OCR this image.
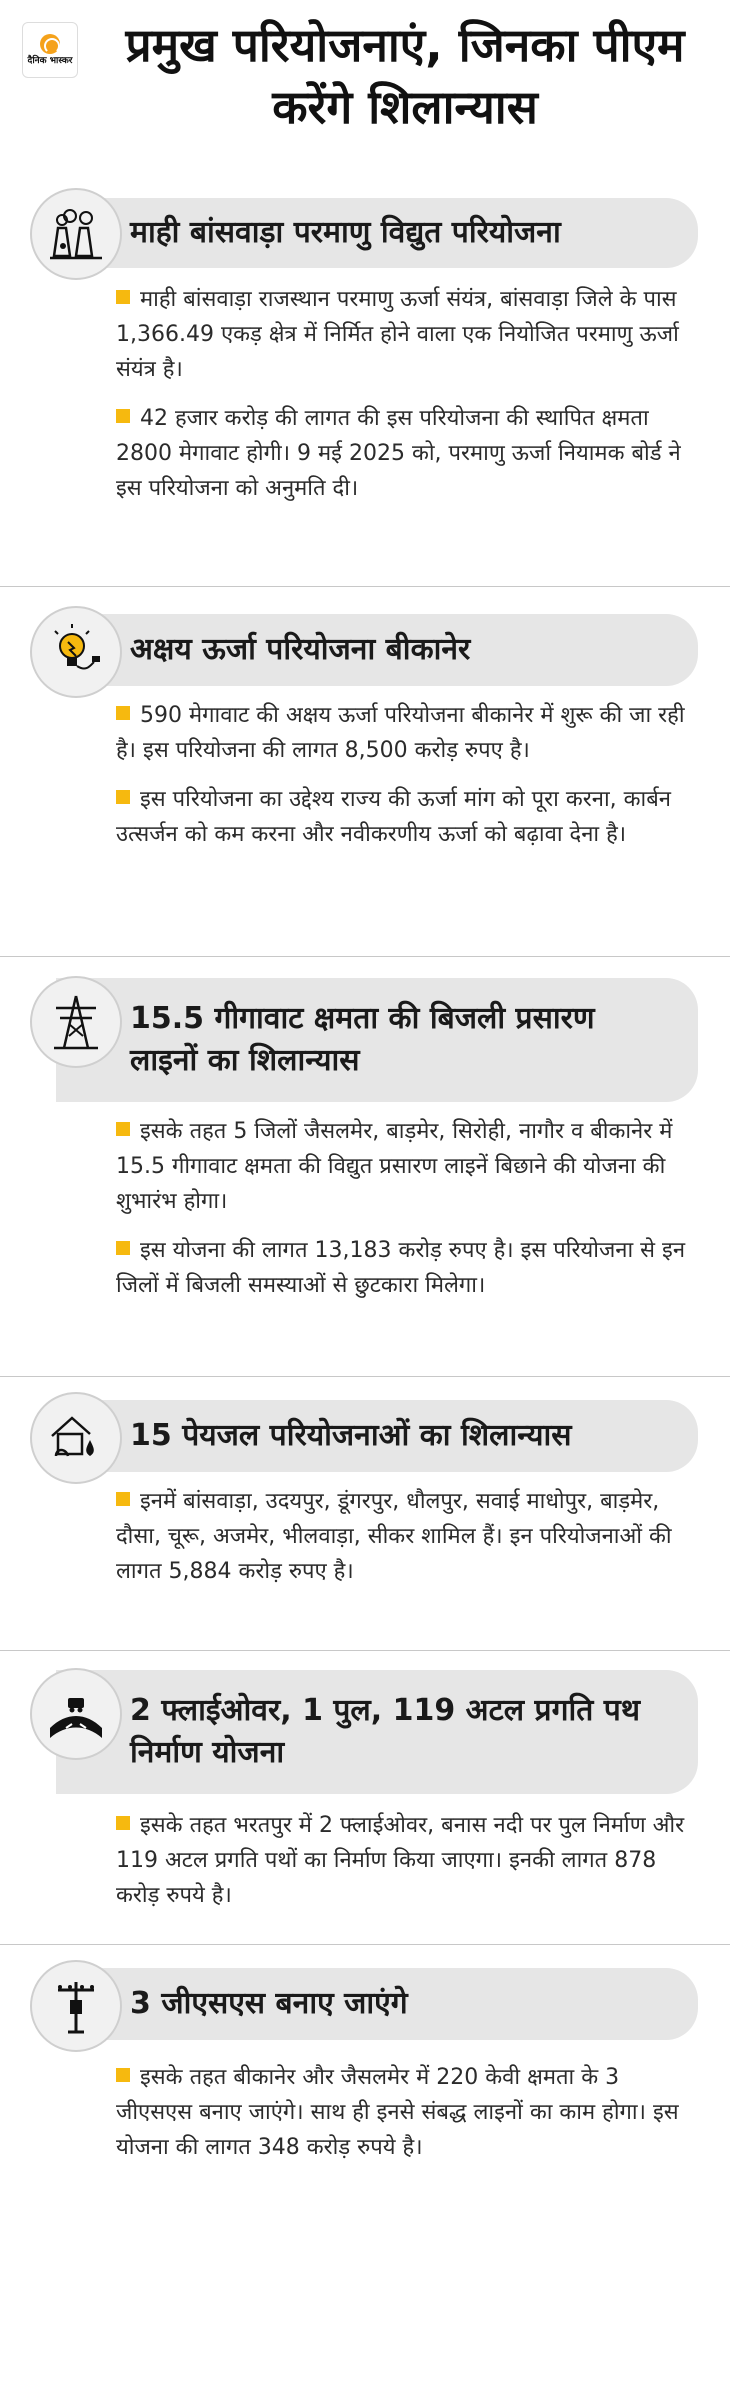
दैनिक भास्कर	प्रमुख परियोजनाएं, जिनका पीएम करेंगे शिलान्यास
माही बांसवाड़ा परमाणु विद्युत परियोजना

माही बांसवाड़ा राजस्थान परमाणु ऊर्जा संयंत्र, बांसवाड़ा जिले के पास 1,366.49 एकड़ क्षेत्र में निर्मित होने वाला एक नियोजित परमाणु ऊर्जा संयंत्र है।

42 हजार करोड़ की लागत की इस परियोजना की स्थापित क्षमता 2800 मेगावाट होगी। 9 मई 2025 को, परमाणु ऊर्जा नियामक बोर्ड ने इस परियोजना को अनुमति दी।

अक्षय ऊर्जा परियोजना बीकानेर

590 मेगावाट की अक्षय ऊर्जा परियोजना बीकानेर में शुरू की जा रही है। इस परियोजना की लागत 8,500 करोड़ रुपए है।

इस परियोजना का उद्देश्य राज्य की ऊर्जा मांग को पूरा करना, कार्बन उत्सर्जन को कम करना और नवीकरणीय ऊर्जा को बढ़ावा देना है।

15.5 गीगावाट क्षमता की बिजली प्रसारण लाइनों का शिलान्यास

इसके तहत 5 जिलों जैसलमेर, बाड़मेर, सिरोही, नागौर व बीकानेर में 15.5 गीगावाट क्षमता की विद्युत प्रसारण लाइनें बिछाने की योजना की शुभारंभ होगा।

इस योजना की लागत 13,183 करोड़ रुपए है। इस परियोजना से इन जिलों में बिजली समस्याओं से छुटकारा मिलेगा।

15 पेयजल परियोजनाओं का शिलान्यास

इनमें बांसवाड़ा, उदयपुर, डूंगरपुर, धौलपुर, सवाई माधोपुर, बाड़मेर, दौसा, चूरू, अजमेर, भीलवाड़ा, सीकर शामिल हैं। इन परियोजनाओं की लागत 5,884 करोड़ रुपए है।

2 फ्लाईओवर, 1 पुल, 119 अटल प्रगति पथ निर्माण योजना

इसके तहत भरतपुर में 2 फ्लाईओवर, बनास नदी पर पुल निर्माण और 119 अटल प्रगति पथों का निर्माण किया जाएगा। इनकी लागत 878 करोड़ रुपये है।

3 जीएसएस बनाए जाएंगे

इसके तहत बीकानेर और जैसलमेर में 220 केवी क्षमता के 3 जीएसएस बनाए जाएंगे। साथ ही इनसे संबद्ध लाइनों का काम होगा। इस योजना की लागत 348 करोड़ रुपये है।
